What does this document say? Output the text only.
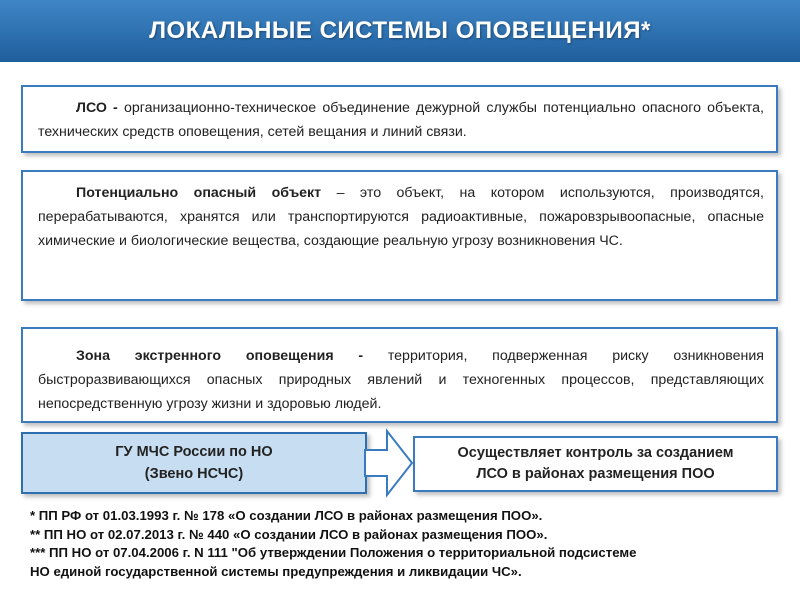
ЛОКАЛЬНЫЕ СИСТЕМЫ ОПОВЕЩЕНИЯ*
ЛСО - организационно-техническое объединение дежурной службы потенциально опасного объекта, технических средств оповещения, сетей вещания и линий связи.
Потенциально опасный объект – это объект, на котором используются, производятся, перерабатываются, хранятся или транспортируются радиоактивные, пожаровзрывоопасные, опасные химические и биологические вещества, создающие реальную угрозу возникновения ЧС.
Зона экстренного оповещения - территория, подверженная риску озникновения быстроразвивающихся опасных природных явлений и техногенных процессов, представляющих непосредственную угрозу жизни и здоровью людей.
ГУ МЧС России по НО
(Звено НСЧС)
Осуществляет контроль за созданием
ЛСО в районах размещения ПОО
* ПП РФ от 01.03.1993 г. № 178 «О создании ЛСО в районах размещения ПОО».
** ПП НО от 02.07.2013 г. № 440 «О создании ЛСО в районах размещения ПОО».
*** ПП НО от 07.04.2006 г. N 111 "Об утверждении Положения о территориальной подсистеме
НО единой государственной системы предупреждения и ликвидации ЧС».
